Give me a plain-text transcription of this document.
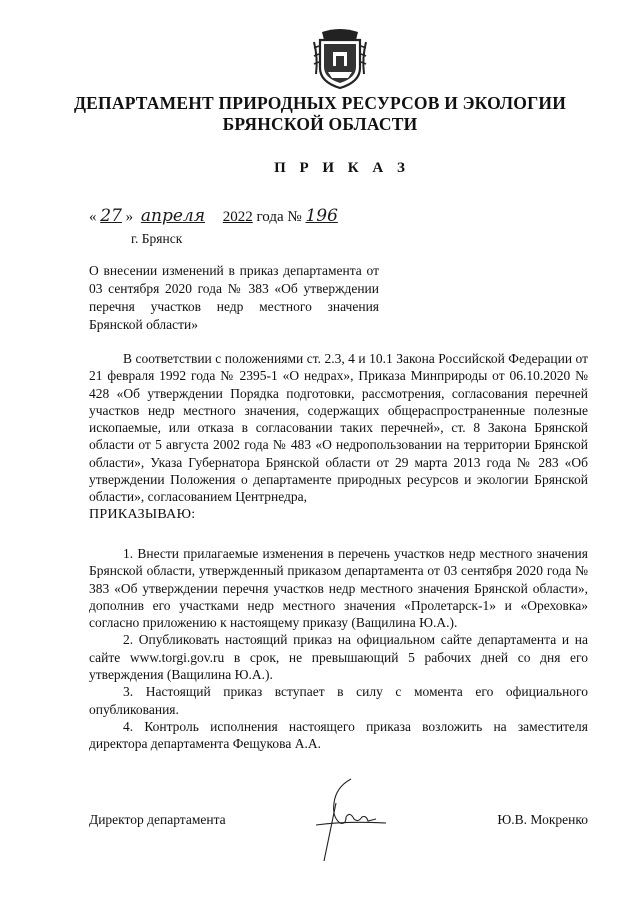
ДЕПАРТАМЕНТ ПРИРОДНЫХ РЕСУРСОВ И ЭКОЛОГИИ
БРЯНСКОЙ ОБЛАСТИ
П Р И К А З
« 27 » апреля 2022 года № 196
г. Брянск
О внесении изменений в приказ департамента от 03 сентября 2020 года № 383 «Об утверждении перечня участков недр местного значения Брянской области»

В соответствии с положениями ст. 2.3, 4 и 10.1 Закона Российской Федерации от 21 февраля 1992 года № 2395-1 «О недрах», Приказа Минприроды от 06.10.2020 № 428 «Об утверждении Порядка подготовки, рассмотрения, согласования перечней участков недр местного значения, содержащих общераспространенные полезные ископаемые, или отказа в согласовании таких перечней», ст. 8 Закона Брянской области от 5 августа 2002 года № 483 «О недропользовании на территории Брянской области», Указа Губернатора Брянской области от 29 марта 2013 года № 283 «Об утверждении Положения о департаменте природных ресурсов и экологии Брянской области», согласованием Центрнедра,

ПРИКАЗЫВАЮ:

1. Внести прилагаемые изменения в перечень участков недр местного значения Брянской области, утвержденный приказом департамента от 03 сентября 2020 года № 383 «Об утверждении перечня участков недр местного значения Брянской области», дополнив его участками недр местного значения «Пролетарск-1» и «Ореховка» согласно приложению к настоящему приказу (Ващилина Ю.А.).

2. Опубликовать настоящий приказ на официальном сайте департамента и на сайте www.torgi.gov.ru в срок, не превышающий 5 рабочих дней со дня его утверждения (Ващилина Ю.А.).

3. Настоящий приказ вступает в силу с момента его официального опубликования.

4. Контроль исполнения настоящего приказа возложить на заместителя директора департамента Фещукова А.А.

Директор департамента	Ю.В. Мокренко
